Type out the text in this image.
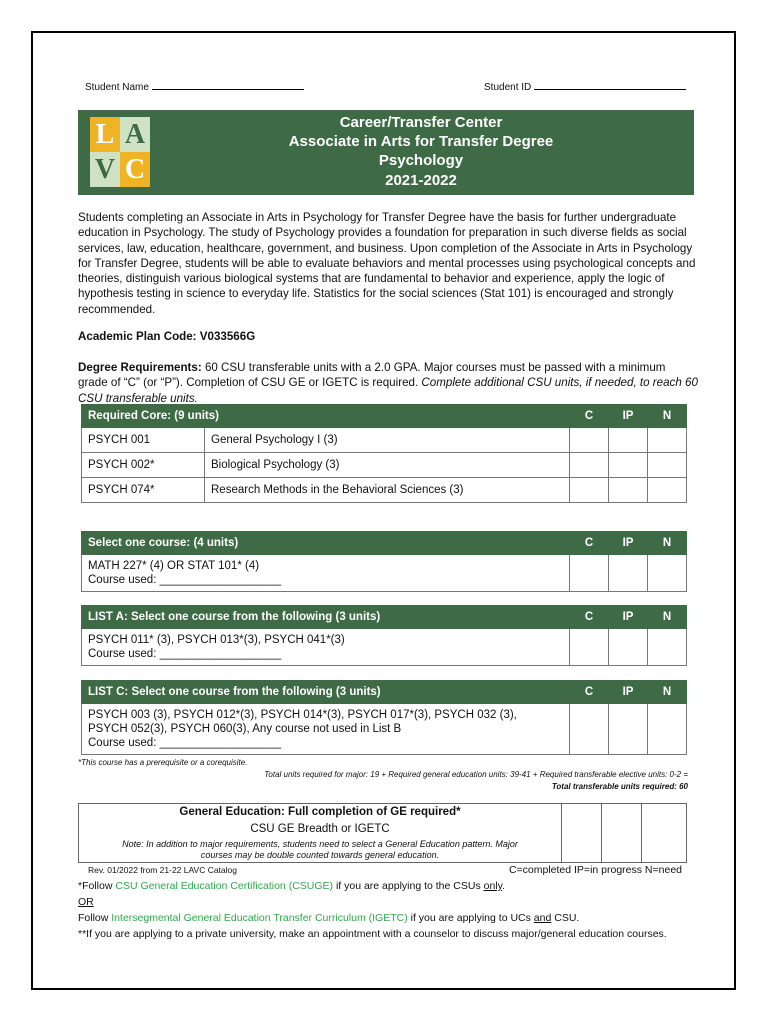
Student Name	Student ID
L A
V C
Career/Transfer Center
Associate in Arts for Transfer Degree
Psychology
2021-2022
Students completing an Associate in Arts in Psychology for Transfer Degree have the basis for further undergraduate education in Psychology. The study of Psychology provides a foundation for preparation in such diverse fields as social services, law, education, healthcare, government, and business. Upon completion of the Associate in Arts in Psychology for Transfer Degree, students will be able to evaluate behaviors and mental processes using psychological concepts and theories, distinguish various biological systems that are fundamental to behavior and experience, apply the logic of hypothesis testing in science to everyday life. Statistics for the social sciences (Stat 101) is encouraged and strongly recommended.
Academic Plan Code: V033566G
Degree Requirements: 60 CSU transferable units with a 2.0 GPA. Major courses must be passed with a minimum grade of “C” (or “P”). Completion of CSU GE or IGETC is required. Complete additional CSU units, if needed, to reach 60 CSU transferable units.
Required Core: (9 units)		C	IP	N
PSYCH 001	General Psychology I (3)			
PSYCH 002*	Biological Psychology (3)			
PSYCH 074*	Research Methods in the Behavioral Sciences (3)			
Select one course: (4 units)	C	IP	N

MATH 227* (4) OR STAT 101* (4)
Course used: ___________________			

LIST A: Select one course from the following (3 units)	C	IP	N

PSYCH 011* (3), PSYCH 013*(3), PSYCH 041*(3)
Course used: ___________________			

LIST C: Select one course from the following (3 units)	C	IP	N

PSYCH 003 (3), PSYCH 012*(3), PSYCH 014*(3), PSYCH 017*(3), PSYCH 032 (3),
PSYCH 052(3), PSYCH 060(3), Any course not used in List B
Course used: ___________________			

*This course has a prerequisite or a corequisite.
Total units required for major: 19 + Required general education units: 39-41 + Required transferable elective units: 0-2 =
Total transferable units required: 60
General Education: Full completion of GE required*
CSU GE Breadth or IGETC
Note: In addition to major requirements, students need to select a General Education pattern. Major
courses may be double counted towards general education.
Rev. 01/2022 from 21-22 LAVC Catalog	C=completed IP=in progress N=need
*Follow CSU General Education Certification (CSUGE) if you are applying to the CSUs only.
OR
Follow Intersegmental General Education Transfer Curriculum (IGETC) if you are applying to UCs and CSU.
**If you are applying to a private university, make an appointment with a counselor to discuss major/general education courses.
